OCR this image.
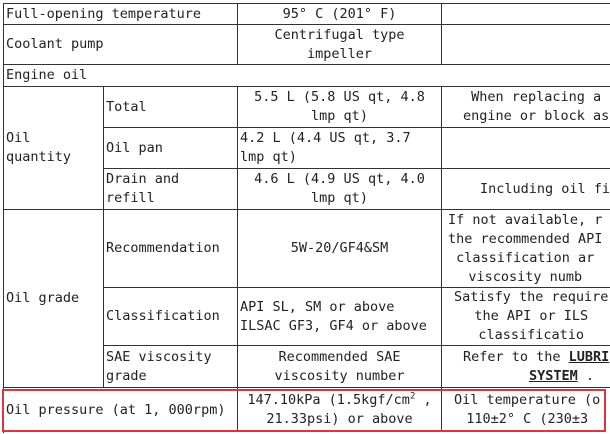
Full-opening temperature	95° C (201° F)
Coolant pump
Centrifugal type
impeller
Engine oil
Oil
quantity
Total
5.5 L (5.8 US qt, 4.8
lmp qt)
When replacing a
engine or block as
Oil pan
4.2 L (4.4 US qt, 3.7
lmp qt)
Drain and
refill
4.6 L (4.9 US qt, 4.0
lmp qt)
Including oil fi
Oil grade
Recommendation	5W-20/GF4&SM
If not available, r
the recommended API
classification ar
viscosity numb
Classification
API SL, SM or above
ILSAC GF3, GF4 or above
Satisfy the require
the API or ILS
classificatio
SAE viscosity
grade
Recommended SAE
viscosity number
Refer to the LUBRI
SYSTEM .
Oil pressure (at 1, 000rpm)
147.10kPa ($1.5kgf/cm^2$ ,
21.33psi) or above
Oil temperature (o
110±2° C (230±3
